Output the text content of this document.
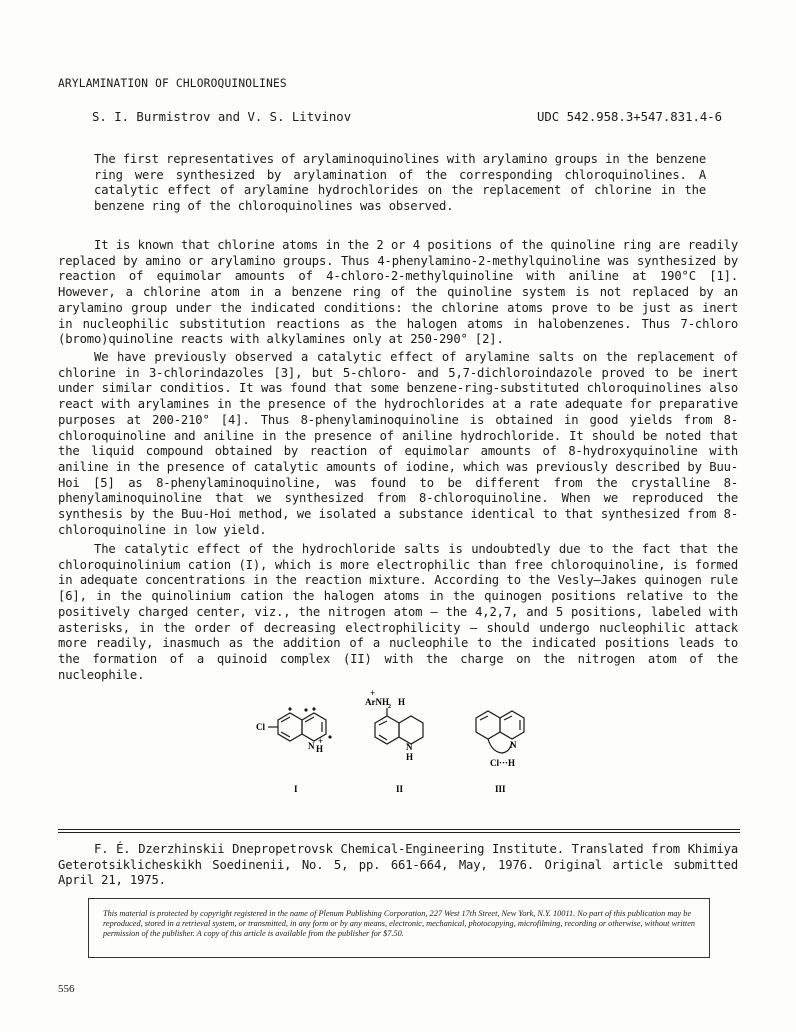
ARYLAMINATION OF CHLOROQUINOLINES
S. I. Burmistrov and V. S. Litvinov	UDC 542.958.3+547.831.4-6
The first representatives of arylaminoquinolines with arylamino groups in the benzene ring were synthesized by arylamination of the corresponding chloroquinolines. A catalytic effect of arylamine hydrochlorides on the replacement of chlorine in the benzene ring of the chloroquinolines was observed.
It is known that chlorine atoms in the 2 or 4 positions of the quinoline ring are readily replaced by amino or arylamino groups. Thus 4-phenylamino-2-methylquinoline was synthesized by reaction of equimolar amounts of 4-chloro-2-methylquinoline with aniline at 190°C [1]. However, a chlorine atom in a benzene ring of the quinoline system is not replaced by an arylamino group under the indicated conditions: the chlorine atoms prove to be just as inert in nucleophilic substitution reactions as the halogen atoms in halobenzenes. Thus 7-chloro (bromo)quinoline reacts with alkylamines only at 250-290° [2].
We have previously observed a catalytic effect of arylamine salts on the replacement of chlorine in 3-chlorindazoles [3], but 5-chloro- and 5,7-dichloroindazole proved to be inert under similar conditios. It was found that some benzene-ring-substituted chloroquinolines also react with arylamines in the presence of the hydrochlorides at a rate adequate for preparative purposes at 200-210° [4]. Thus 8-phenylaminoquinoline is obtained in good yields from 8-chloroquinoline and aniline in the presence of aniline hydrochloride. It should be noted that the liquid compound obtained by reaction of equimolar amounts of 8-hydroxyquinoline with aniline in the presence of catalytic amounts of iodine, which was previously described by Buu-Hoi [5] as 8-phenylaminoquinoline, was found to be different from the crystalline 8-phenylaminoquinoline that we synthesized from 8-chloroquinoline. When we reproduced the synthesis by the Buu-Hoi method, we isolated a substance identical to that synthesized from 8-chloroquinoline in low yield.
The catalytic effect of the hydrochloride salts is undoubtedly due to the fact that the chloroquinolinium cation (I), which is more electrophilic than free chloroquinoline, is formed in adequate concentrations in the reaction mixture. According to the Vesly—Jakes quinogen rule [6], in the quinolinium cation the halogen atoms in the quinogen positions relative to the positively charged center, viz., the nitrogen atom — the 4,2,7, and 5 positions, labeled with asterisks, in the order of decreasing electrophilicity — should undergo nucleophilic attack more readily, inasmuch as the addition of a nucleophile to the indicated positions leads to the formation of a quinoid complex (II) with the charge on the nitrogen atom of the nucleophile.
Cl
N H
+
I
ArNH 2
+
H
N
H
II
N
Cl···H
III
F. É. Dzerzhinskii Dnepropetrovsk Chemical-Engineering Institute. Translated from Khimiya Geterotsiklicheskikh Soedinenii, No. 5, pp. 661-664, May, 1976. Original article submitted April 21, 1975.
This material is protected by copyright registered in the name of Plenum Publishing Corporation, 227 West 17th Street, New York, N.Y. 10011. No part of this publication may be reproduced, stored in a retrieval system, or transmitted, in any form or by any means, electronic, mechanical, photocopying, microfilming, recording or otherwise, without written permission of the publisher. A copy of this article is available from the publisher for $7.50.
556
